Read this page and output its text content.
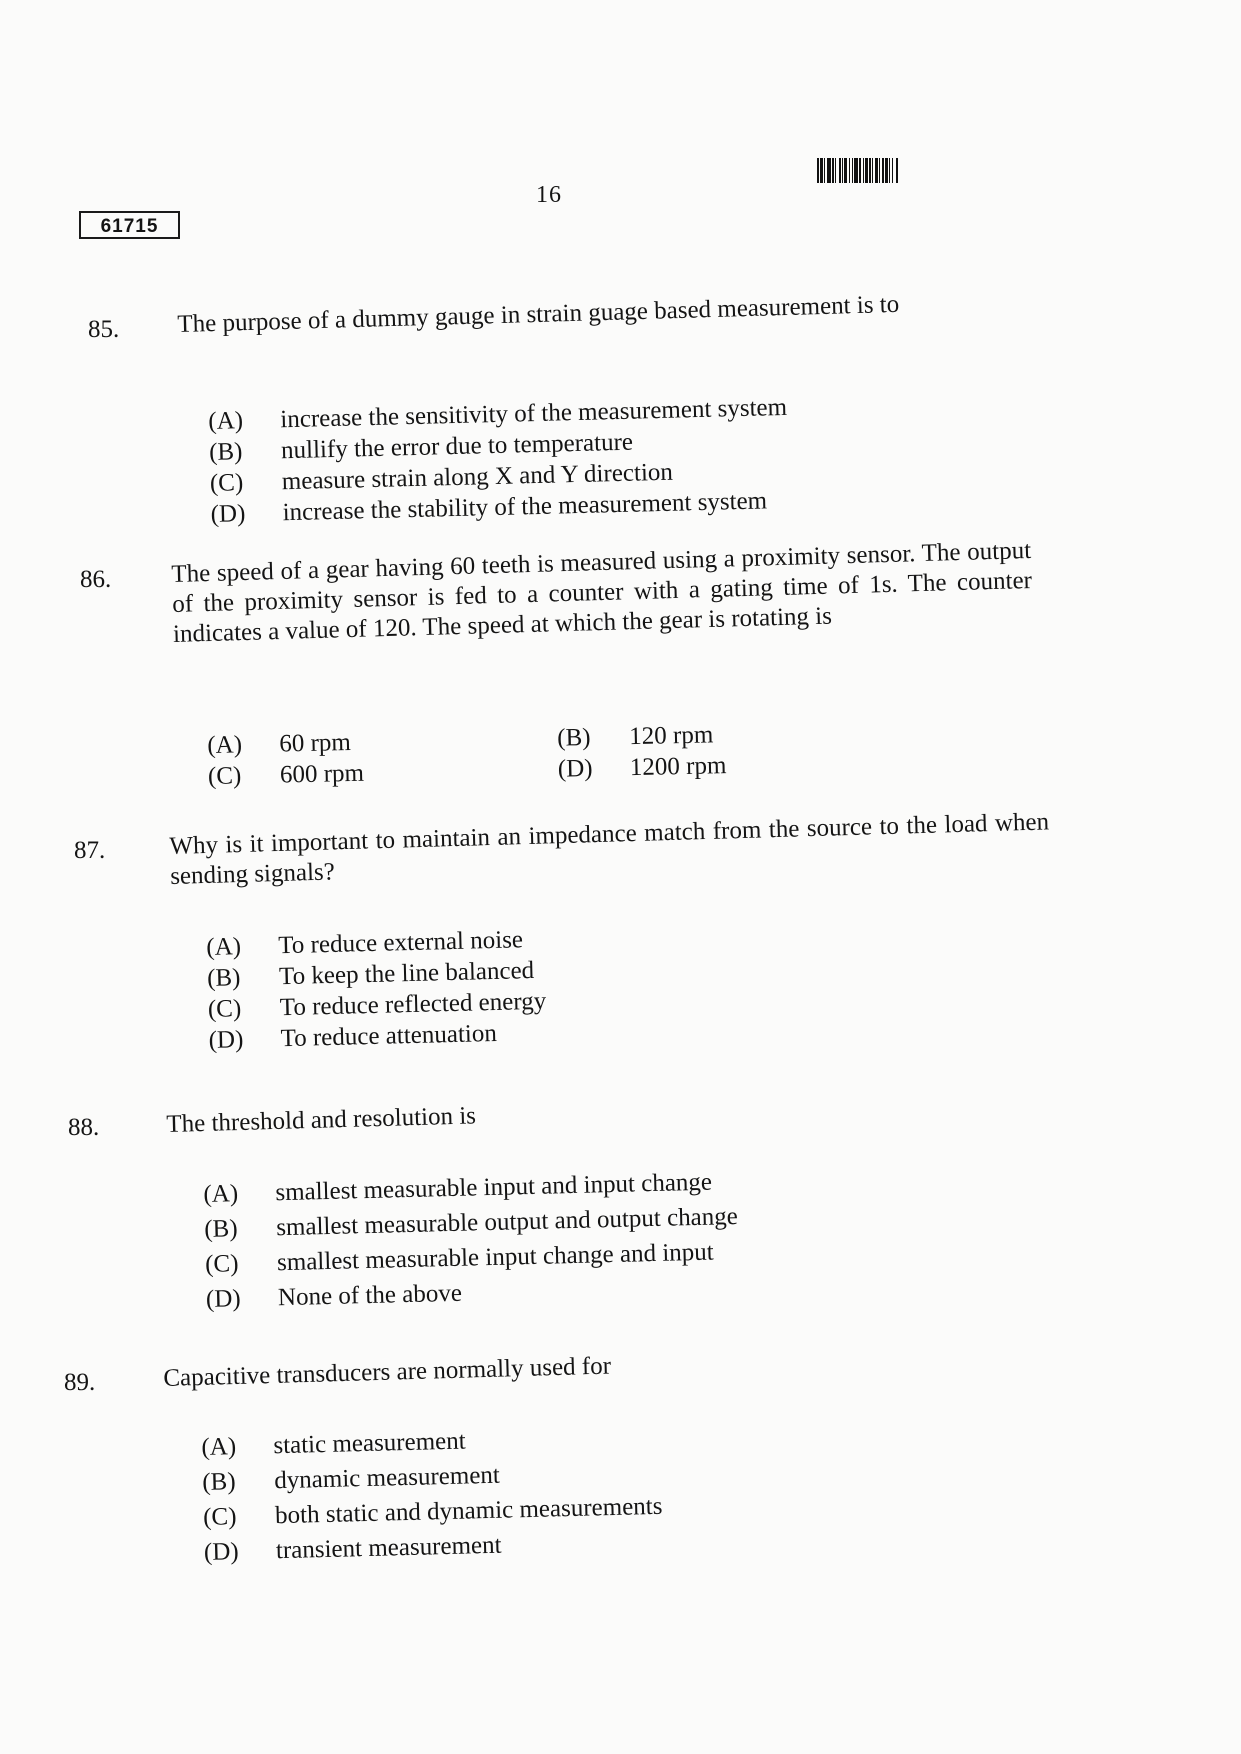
16
61715
85. The purpose of a dummy gauge in strain guage based measurement is to
(A)	increase the sensitivity of the measurement system
(B)	nullify the error due to temperature
(C)	measure strain along X and Y direction
(D)	increase the stability of the measurement system
86. The speed of a gear having 60 teeth is measured using a proximity sensor. The output of the proximity sensor is fed to a counter with a gating time of 1s. The counter indicates a value of 120. The speed at which the gear is rotating is
(A)	60 rpm	(B)	120 rpm
(C)	600 rpm	(D)	1200 rpm
87.	Why is it important to maintain an impedance match from the source to the load when sending signals?
(A)	To reduce external noise
(B)	To keep the line balanced
(C)	To reduce reflected energy
(D)	To reduce attenuation
88.	The threshold and resolution is
(A)	smallest measurable input and input change
(B)	smallest measurable output and output change
(C)	smallest measurable input change and input
(D)	None of the above
89.	Capacitive transducers are normally used for
(A)	static measurement
(B)	dynamic measurement
(C)	both static and dynamic measurements
(D)	transient measurement
